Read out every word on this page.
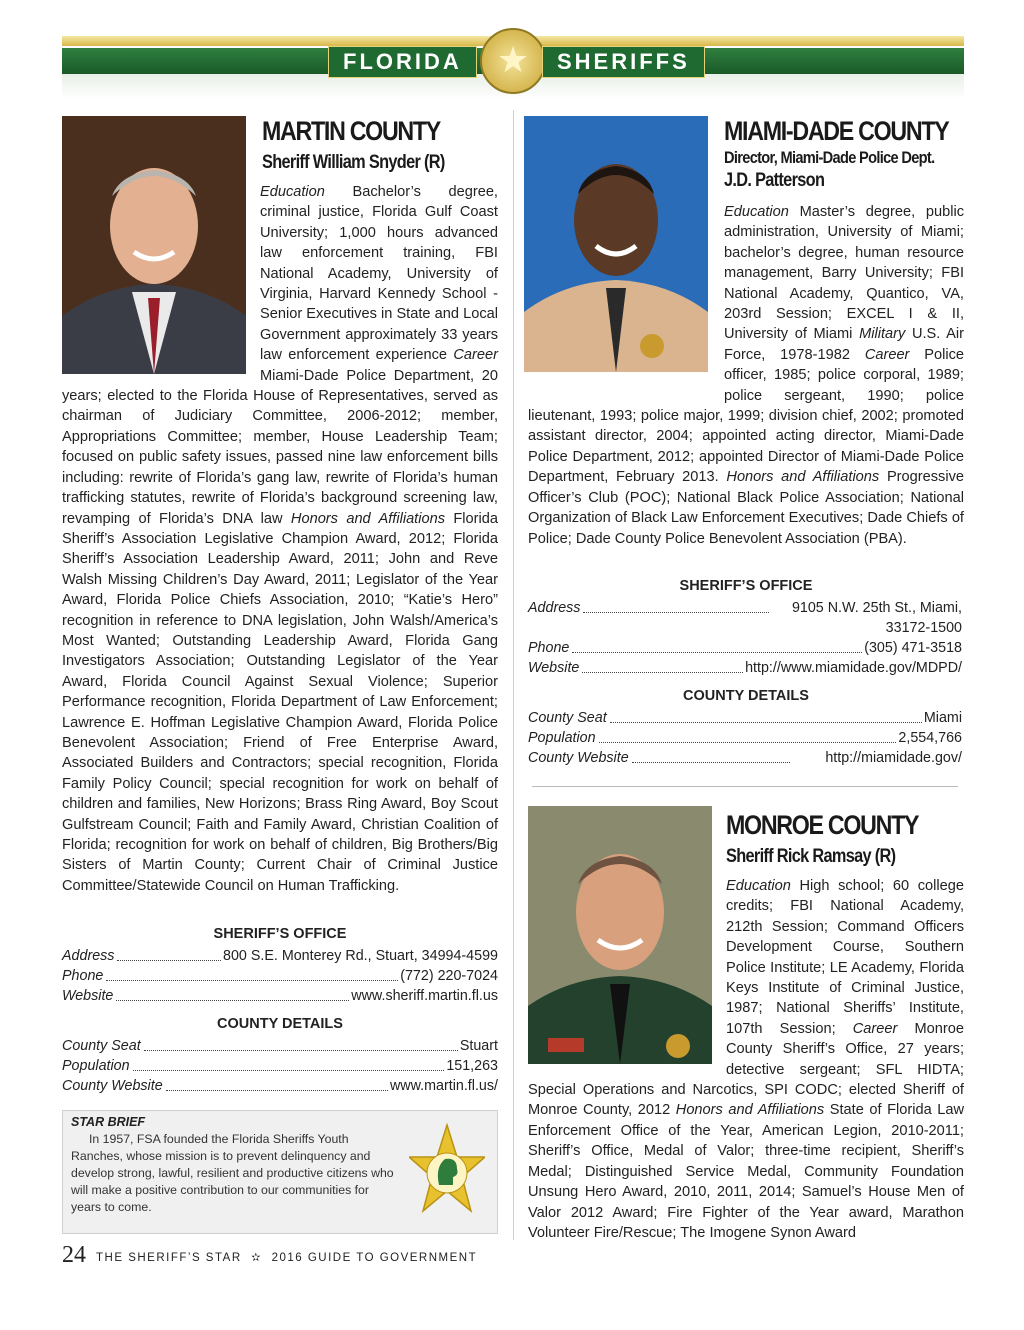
FLORIDA ★	SHERIFFS
MARTIN COUNTY
Sheriff William Snyder (R)

Education Bachelor’s degree, criminal justice, Florida Gulf Coast University; 1,000 hours advanced law enforcement training, FBI National Academy, University of Virginia, Harvard Kennedy School - Senior Executives in State and Local Government approximately 33 years law enforcement experience Career Miami-Dade Police Department, 20 years; elected to the Florida House of Representatives, served as chairman of Judiciary Committee, 2006-2012; member, Appropriations Committee; member, House Leadership Team; focused on public safety issues, passed nine law enforcement bills including: rewrite of Florida’s gang law, rewrite of Florida’s human trafficking statutes, rewrite of Florida’s background screening law, revamping of Florida’s DNA law Honors and Affiliations Florida Sheriff’s Association Legislative Champion Award, 2012; Florida Sheriff’s Association Leadership Award, 2011; John and Reve Walsh Missing Children’s Day Award, 2011; Legislator of the Year Award, Florida Police Chiefs Association, 2010; “Katie’s Hero” recognition in reference to DNA legislation, John Walsh/America’s Most Wanted; Outstanding Leadership Award, Florida Gang Investigators Association; Outstanding Legislator of the Year Award, Florida Council Against Sexual Violence; Superior Performance recognition, Florida Department of Law Enforcement; Lawrence E. Hoffman Legislative Champion Award, Florida Police Benevolent Association; Friend of Free Enterprise Award, Associated Builders and Contractors; special recognition, Florida Family Policy Council; special recognition for work on behalf of children and families, New Horizons; Brass Ring Award, Boy Scout Gulfstream Council; Faith and Family Award, Christian Coalition of Florida; recognition for work on behalf of children, Big Brothers/Big Sisters of Martin County; Current Chair of Criminal Justice Committee/Statewide Council on Human Trafficking.

SHERIFF’S OFFICE
Address	800 S.E. Monterey Rd., Stuart, 34994-4599
Phone	(772) 220-7024
Website	www.sheriff.martin.fl.us
COUNTY DETAILS
County Seat	Stuart
Population	151,263
County Website	www.martin.fl.us/
STAR BRIEF
In 1957, FSA founded the Florida Sheriffs Youth Ranches, whose mission is to prevent delinquency and develop strong, lawful, resilient and productive citizens who will make a positive contribution to our communities for years to come.
24 THE SHERIFF’S STAR ✫ 2016 GUIDE TO GOVERNMENT
MIAMI-DADE COUNTY
Director, Miami-Dade Police Dept.
J.D. Patterson

Education Master’s degree, public administration, University of Miami; bachelor’s degree, human resource management, Barry University; FBI National Academy, Quantico, VA, 203rd Session; EXCEL I & II, University of Miami Military U.S. Air Force, 1978-1982 Career Police officer, 1985; police corporal, 1989; police sergeant, 1990; police lieutenant, 1993; police major, 1999; division chief, 2002; promoted assistant director, 2004; appointed acting director, Miami-Dade Police Department, 2012; appointed Director of Miami-Dade Police Department, February 2013. Honors and Affiliations Progressive Officer’s Club (POC); National Black Police Association; National Organization of Black Law Enforcement Executives; Dade Chiefs of Police; Dade County Police Benevolent Association (PBA).

SHERIFF’S OFFICE
Address	9105 N.W. 25th St., Miami,
33172-1500
Phone	(305) 471-3518
Website	http://www.miamidade.gov/MDPD/
COUNTY DETAILS
County Seat	Miami
Population	2,554,766
County Website	http://miamidade.gov/
MONROE COUNTY
Sheriff Rick Ramsay (R)

Education High school; 60 college credits; FBI National Academy, 212th Session; Command Officers Development Course, Southern Police Institute; LE Academy, Florida Keys Institute of Criminal Justice, 1987; National Sheriffs’ Institute, 107th Session; Career Monroe County Sheriff’s Office, 27 years; detective sergeant; SFL HIDTA; Special Operations and Narcotics, SPI CODC; elected Sheriff of Monroe County, 2012 Honors and Affiliations State of Florida Law Enforcement Office of the Year, American Legion, 2010-2011; Sheriff’s Office, Medal of Valor; three-time recipient, Sheriff’s Medal; Distinguished Service Medal, Community Foundation Unsung Hero Award, 2010, 2011, 2014; Samuel’s House Men of Valor 2012 Award; Fire Fighter of the Year award, Marathon Volunteer Fire/Rescue; The Imogene Synon Award
